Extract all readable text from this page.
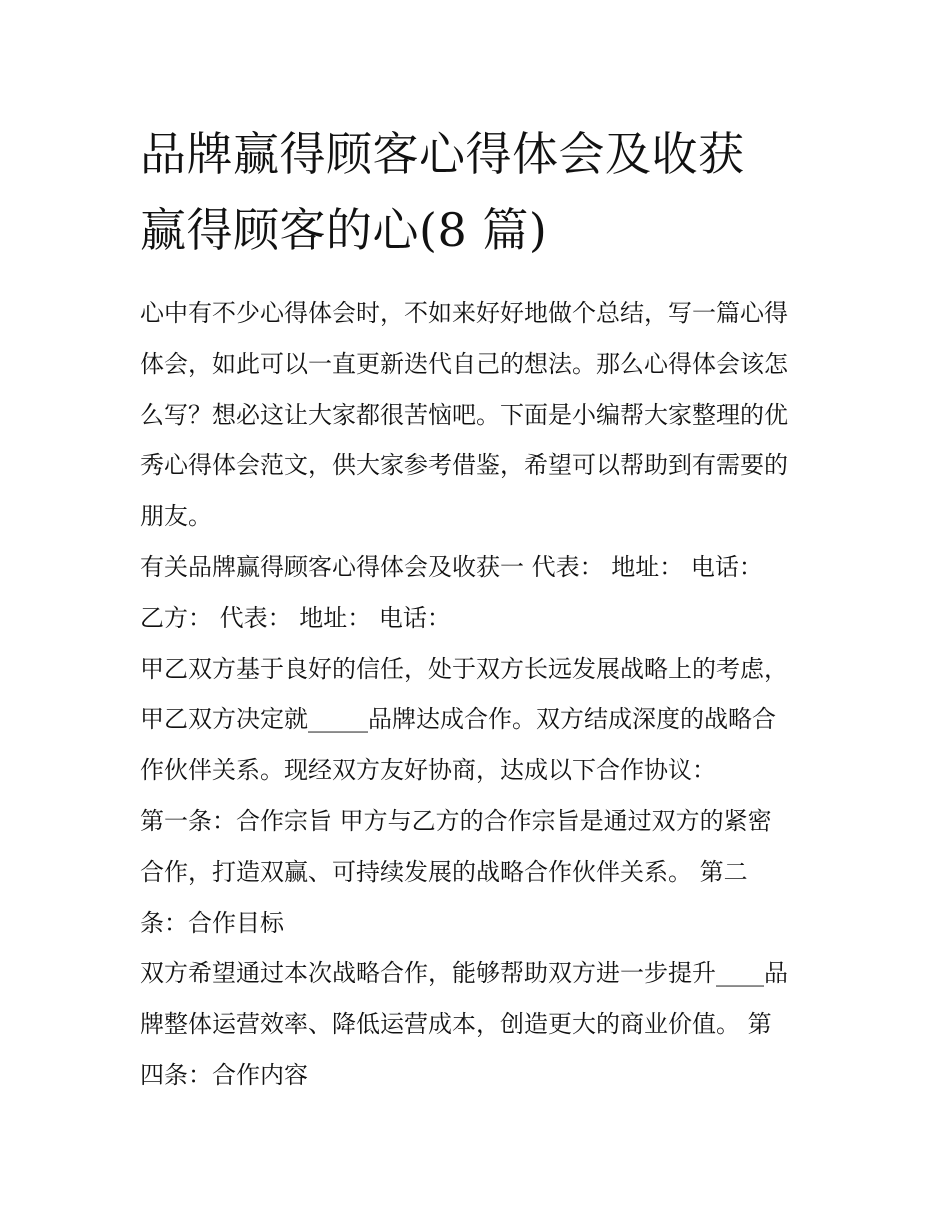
品牌赢得顾客心得体会及收获
赢得顾客的心(8 篇)

心中有不少心得体会时，不如来好好地做个总结，写一篇心得
体会，如此可以一直更新迭代自己的想法。那么心得体会该怎
么写？想必这让大家都很苦恼吧。下面是小编帮大家整理的优
秀心得体会范文，供大家参考借鉴，希望可以帮助到有需要的
朋友。

有关品牌赢得顾客心得体会及收获一 代表： 地址： 电话：
乙方： 代表： 地址： 电话：

甲乙双方基于良好的信任，处于双方长远发展战略上的考虑，
甲乙双方决定就_____品牌达成合作。双方结成深度的战略合
作伙伴关系。现经双方友好协商，达成以下合作协议：

第一条：合作宗旨 甲方与乙方的合作宗旨是通过双方的紧密
合作，打造双赢、可持续发展的战略合作伙伴关系。 第二
条：合作目标

双方希望通过本次战略合作，能够帮助双方进一步提升____品
牌整体运营效率、降低运营成本，创造更大的商业价值。 第
四条：合作内容
